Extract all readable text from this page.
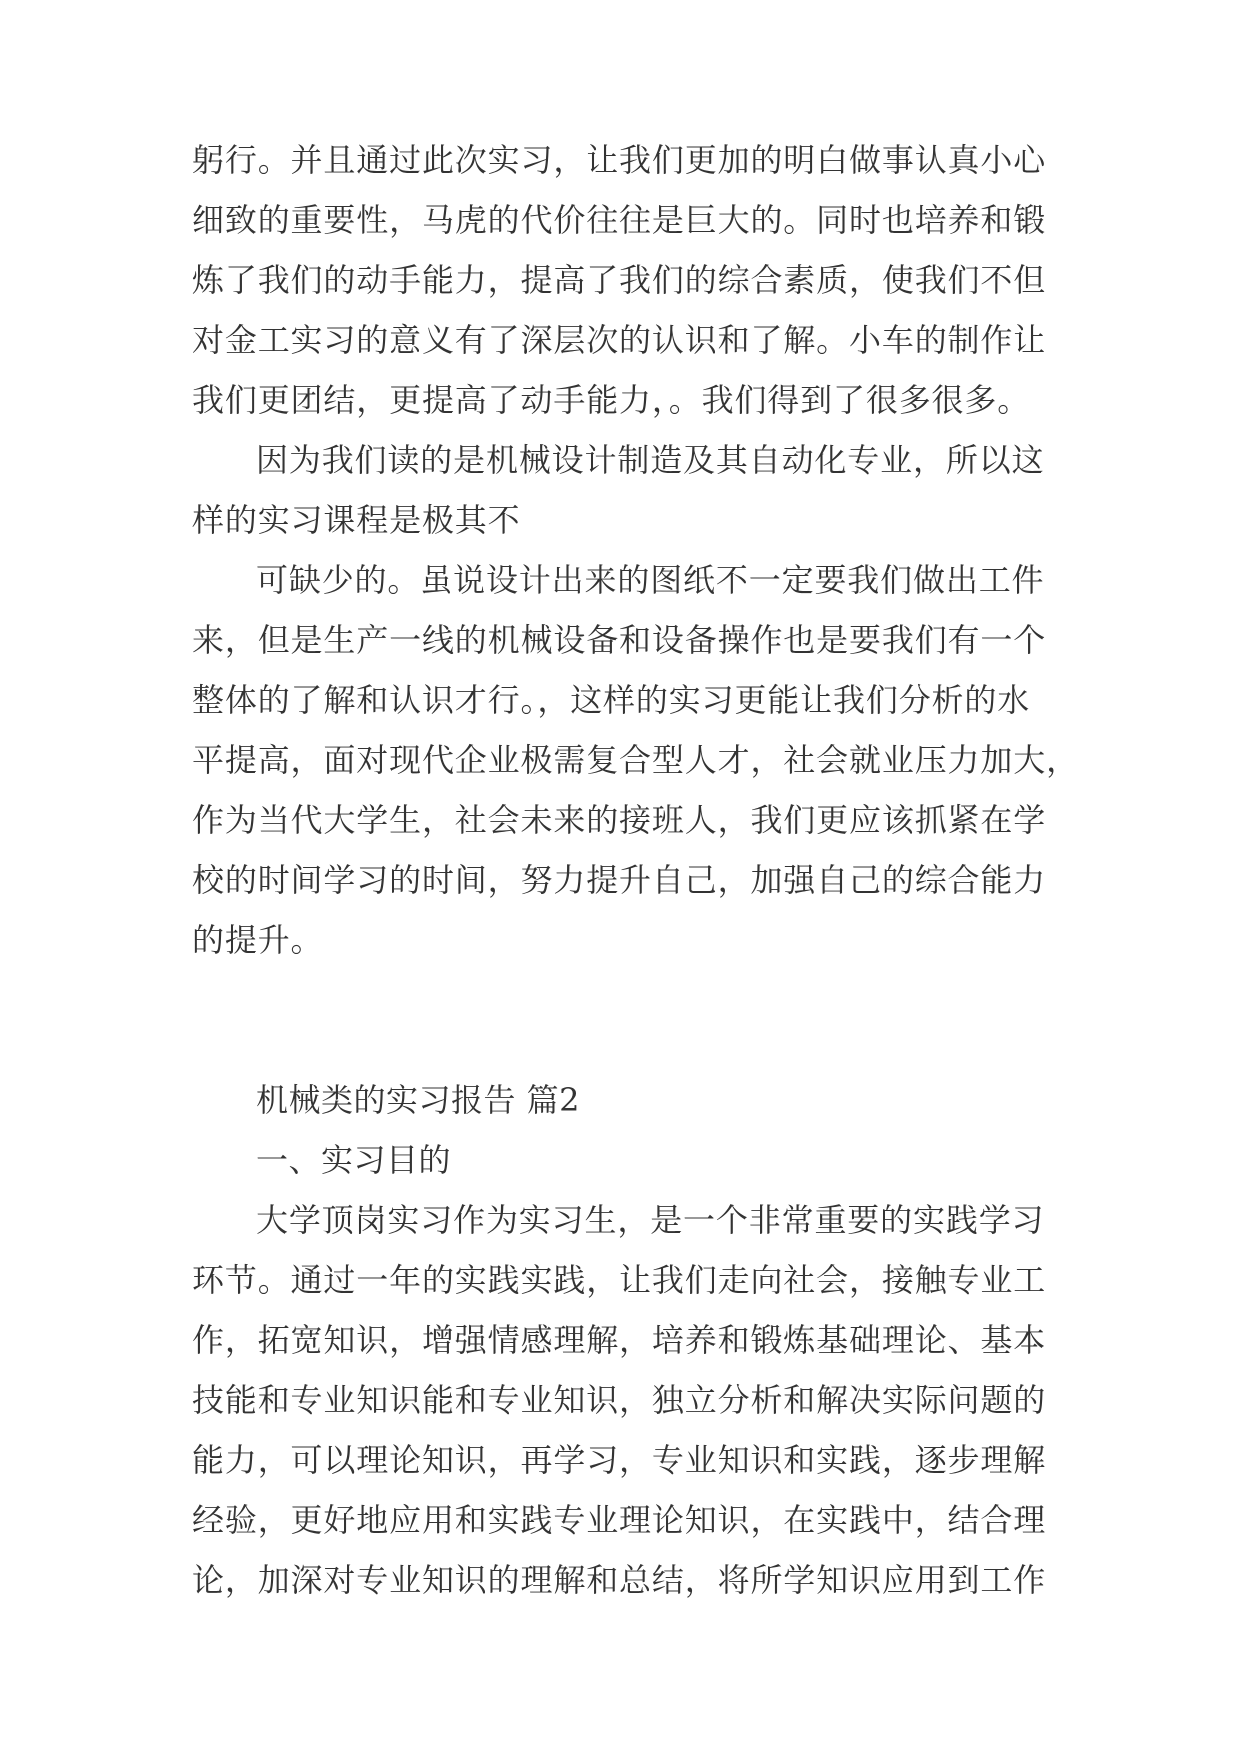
躬行。并且通过此次实习，让我们更加的明白做事认真小心
细致的重要性，马虎的代价往往是巨大的。同时也培养和锻
炼了我们的动手能力，提高了我们的综合素质，使我们不但
对金工实习的意义有了深层次的认识和了解。小车的制作让
我们更团结，更提高了动手能力，。我们得到了很多很多。
因为我们读的是机械设计制造及其自动化专业，所以这
样的实习课程是极其不
可缺少的。虽说设计出来的图纸不一定要我们做出工件
来，但是生产一线的机械设备和设备操作也是要我们有一个
整体的了解和认识才行。，这样的实习更能让我们分析的水
平提高，面对现代企业极需复合型人才，社会就业压力加大，
作为当代大学生，社会未来的接班人，我们更应该抓紧在学
校的时间学习的时间，努力提升自己，加强自己的综合能力
的提升。
机械类的实习报告 篇2
一、实习目的
大学顶岗实习作为实习生，是一个非常重要的实践学习
环节。通过一年的实践实践，让我们走向社会，接触专业工
作，拓宽知识，增强情感理解，培养和锻炼基础理论、基本
技能和专业知识能和专业知识，独立分析和解决实际问题的
能力，可以理论知识，再学习，专业知识和实践，逐步理解
经验，更好地应用和实践专业理论知识，在实践中，结合理
论，加深对专业知识的理解和总结，将所学知识应用到工作
